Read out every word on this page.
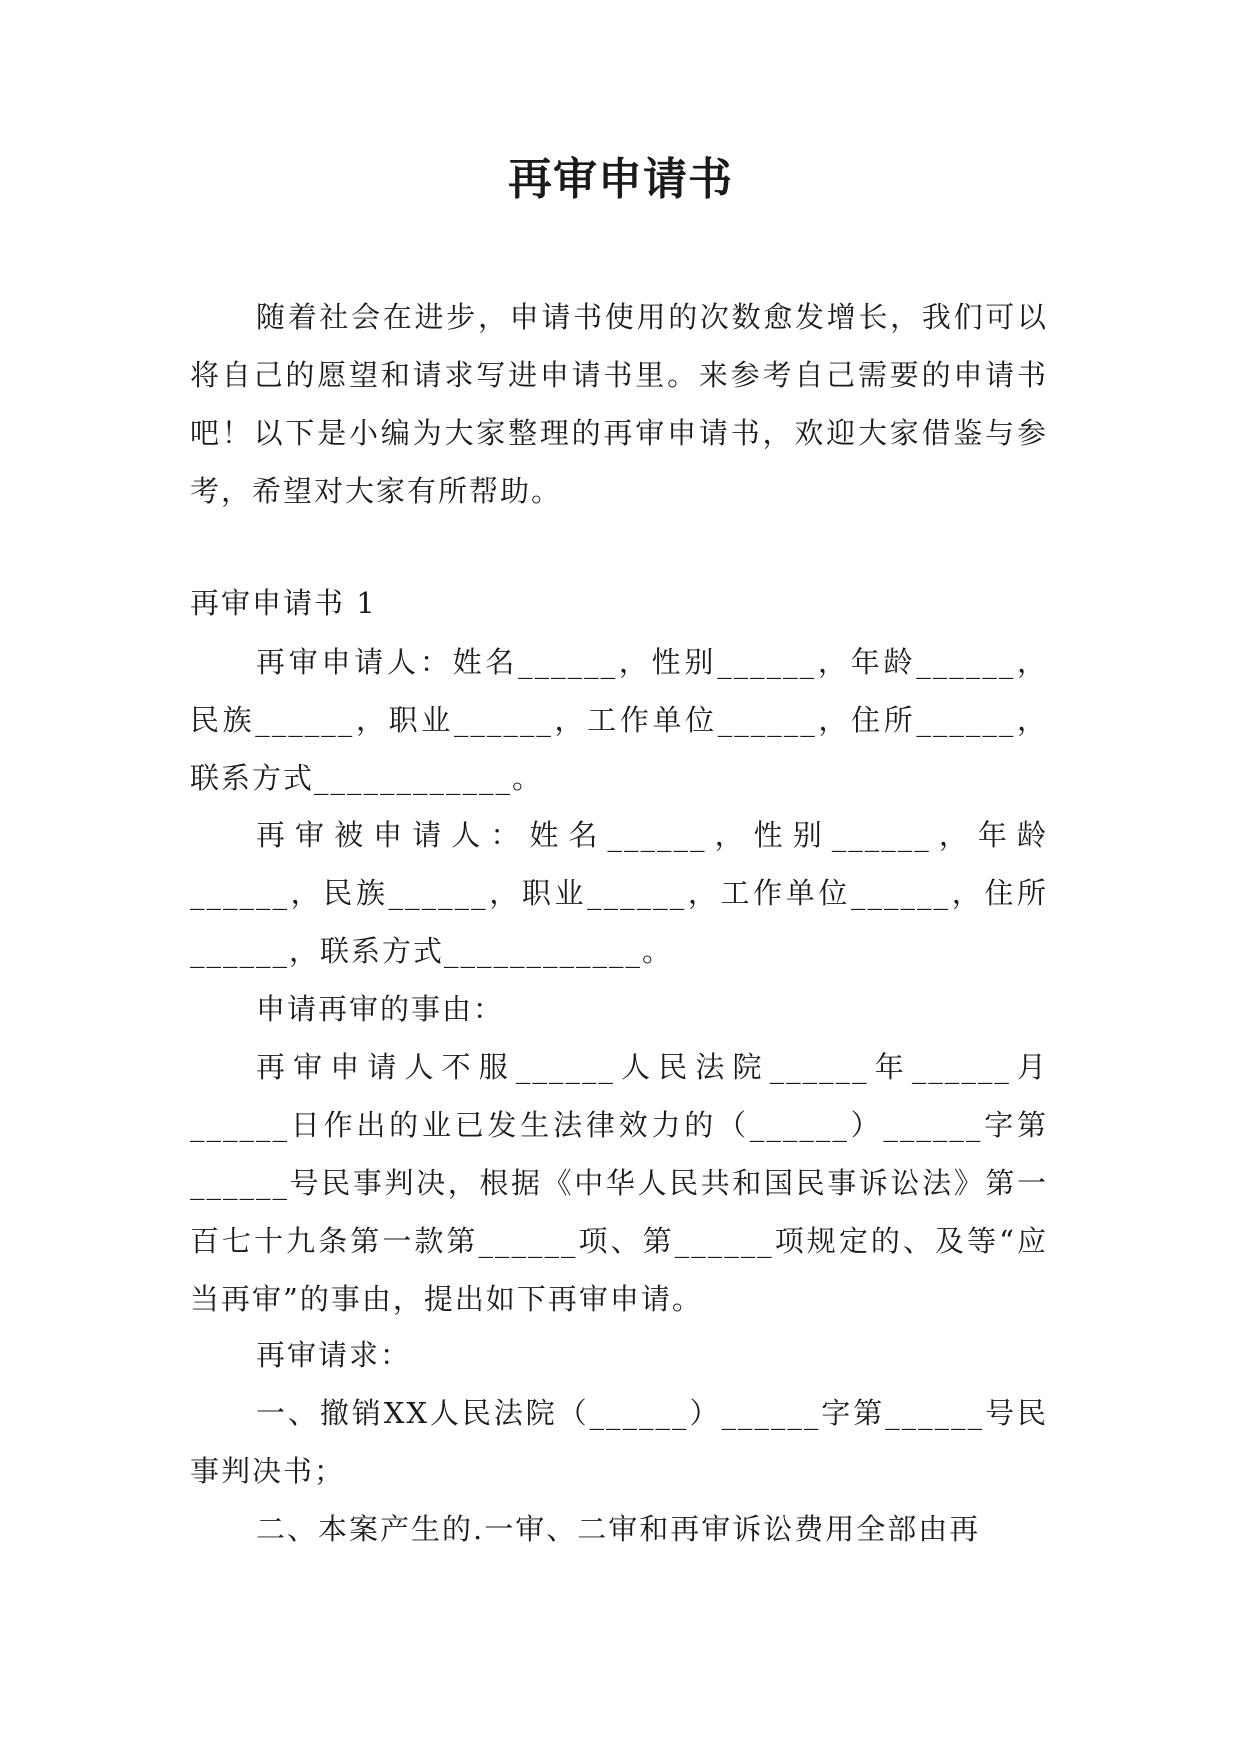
再审申请书

随着社会在进步，申请书使用的次数愈发增长，我们可以将自己的愿望和请求写进申请书里。来参考自己需要的申请书吧！以下是小编为大家整理的再审申请书，欢迎大家借鉴与参考，希望对大家有所帮助。

再审申请书 1

再审申请人：姓名______，性别______，年龄______，民族______，职业______，工作单位______，住所______，联系方式____________。

再审被申请人：姓名______，性别______，年龄______，民族______，职业______，工作单位______，住所______，联系方式____________。

申请再审的事由：

再审申请人不服______人民法院______年______月______日作出的业已发生法律效力的（______）______字第______号民事判决，根据《中华人民共和国民事诉讼法》第一百七十九条第一款第______项、第______项规定的、及等“应当再审”的事由，提出如下再审申请。

再审请求：

一、撤销XX人民法院（______）______字第______号民事判决书；

二、本案产生的.一审、二审和再审诉讼费用全部由再
